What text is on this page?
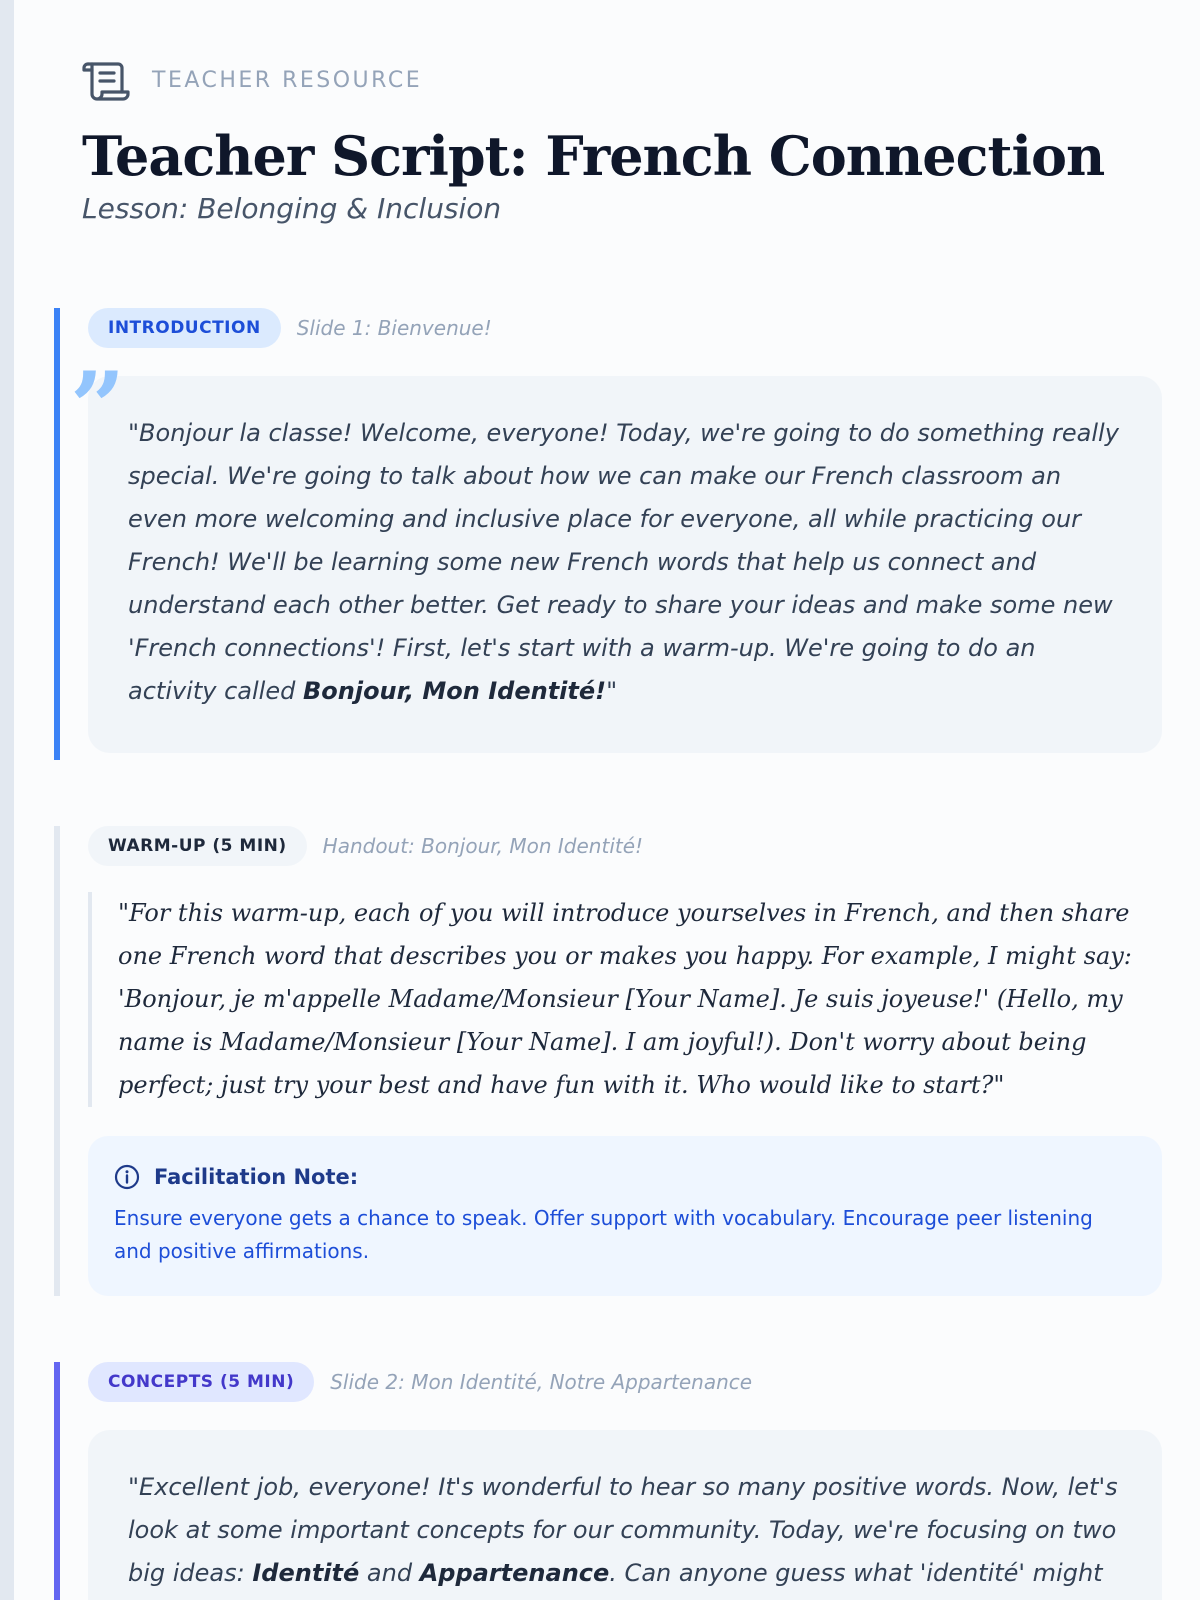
TEACHER RESOURCE
Teacher Script: French Connection
Lesson: Belonging & Inclusion
INTRODUCTION	Slide 1: Bienvenue!

"Bonjour la classe! Welcome, everyone! Today, we're going to do something really special. We're going to talk about how we can make our French classroom an even more welcoming and inclusive place for everyone, all while practicing our French! We'll be learning some new French words that help us connect and understand each other better. Get ready to share your ideas and make some new 'French connections'! First, let's start with a warm-up. We're going to do an activity called Bonjour, Mon Identité!"

”
WARM-UP (5 MIN)	Handout: Bonjour, Mon Identité!

"For this warm-up, each of you will introduce yourselves in French, and then share one French word that describes you or makes you happy. For example, I might say: 'Bonjour, je m'appelle Madame/Monsieur [Your Name]. Je suis joyeuse!' (Hello, my name is Madame/Monsieur [Your Name]. I am joyful!). Don't worry about being perfect; just try your best and have fun with it. Who would like to start?"

Facilitation Note:

Ensure everyone gets a chance to speak. Offer support with vocabulary. Encourage peer listening and positive affirmations.

CONCEPTS (5 MIN)	Slide 2: Mon Identité, Notre Appartenance

"Excellent job, everyone! It's wonderful to hear so many positive words. Now, let's look at some important concepts for our community. Today, we're focusing on two big ideas: Identité and Appartenance. Can anyone guess what 'identité' might
